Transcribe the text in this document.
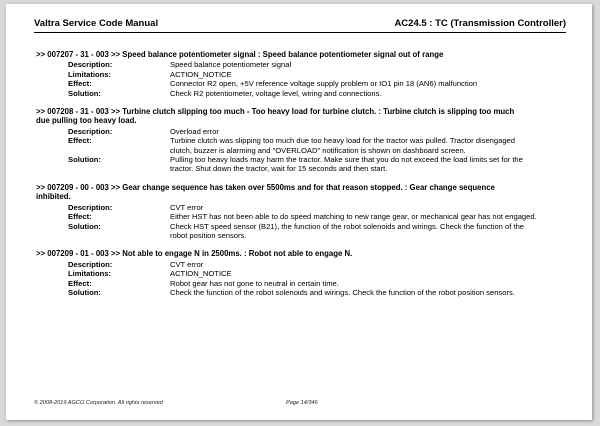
Valtra Service Code Manual	AC24.5 : TC (Transmission Controller)
>> 007207 - 31 - 003 >> Speed balance potentiometer signal : Speed balance potentiometer signal out of range
Description:	Speed balance potentiometer signal
Limitations:	ACTION_NOTICE
Effect:	Connector R2 open, +5V reference voltage supply problem or IO1 pin 18 (AN6) malfunction
Solution:	Check R2 potentiometer, voltage level, wiring and connections.
>> 007208 - 31 - 003 >> Turbine clutch slipping too much - Too heavy load for turbine clutch. : Turbine clutch is slipping too much
due pulling too heavy load.
Description:	Overload error
Effect:	Turbine clutch was slipping too much due too heavy load for the tractor was pulled. Tractor disengaged
clutch, buzzer is alarming and "OVERLOAD" notification is shown on dashboard screen.
Solution:	Pulling too heavy loads may harm the tractor. Make sure that you do not exceed the load limits set for the
tractor. Shut down the tractor, wait for 15 seconds and then start.
>> 007209 - 00 - 003 >> Gear change sequence has taken over 5500ms and for that reason stopped. : Gear change sequence
inhibited.
Description:	CVT error
Effect:	Either HST has not been able to do speed matching to new range gear, or mechanical gear has not engaged.
Solution:	Check HST speed sensor (B21), the function of the robot solenoids and wirings. Check the function of the
robot position sensors.
>> 007209 - 01 - 003 >> Not able to engage N in 2500ms. : Robot not able to engage N.
Description:	CVT error
Limitations:	ACTION_NOTICE
Effect:	Robot gear has not gone to neutral in certain time.
Solution:	Check the function of the robot solenoids and wirings. Check the function of the robot position sensors.
© 2008-2019 AGCO Corporation. All rights reserved	Page 14/346
